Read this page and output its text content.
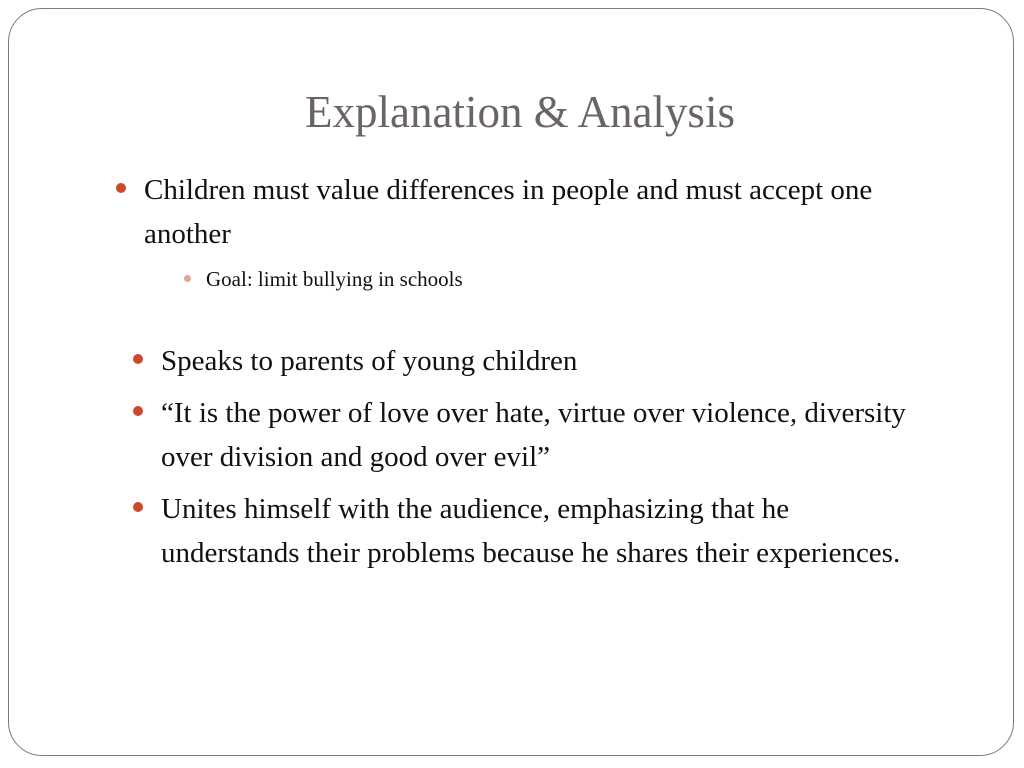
Explanation & Analysis
Children must value differences in people and must accept one another
Goal: limit bullying in schools
Speaks to parents of young children
“It is the power of love over hate, virtue over violence, diversity over division and good over evil”
Unites himself with the audience, emphasizing that he understands their problems because he shares their experiences.
